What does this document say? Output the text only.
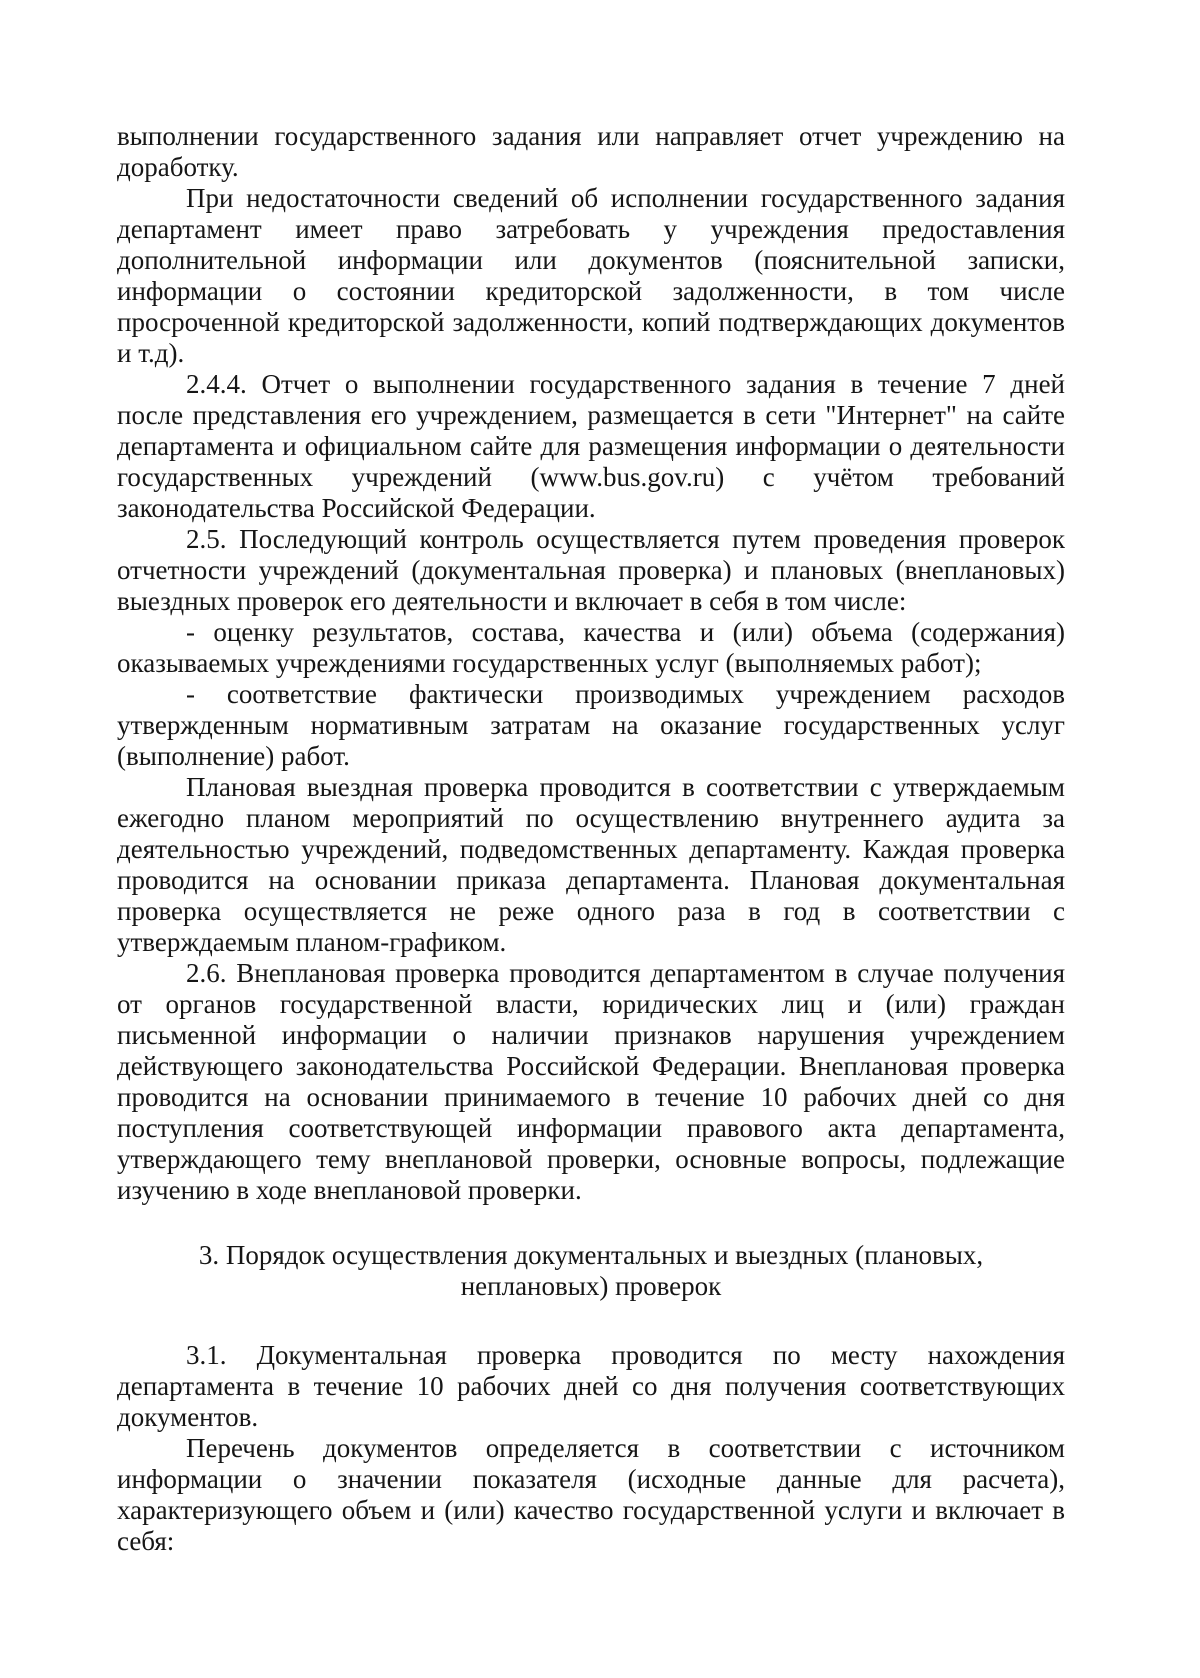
выполнении государственного задания или направляет отчет учреждению на доработку.

При недостаточности сведений об исполнении государственного задания департамент имеет право затребовать у учреждения предоставления дополнительной информации или документов (пояснительной записки, информации о состоянии кредиторской задолженности, в том числе просроченной кредиторской задолженности, копий подтверждающих документов и т.д).

2.4.4. Отчет о выполнении государственного задания в течение 7 дней после представления его учреждением, размещается в сети "Интернет" на сайте департамента и официальном сайте для размещения информации о деятельности государственных учреждений (www.bus.gov.ru) с учётом требований законодательства Российской Федерации.

2.5. Последующий контроль осуществляется путем проведения проверок отчетности учреждений (документальная проверка) и плановых (внеплановых) выездных проверок его деятельности и включает в себя в том числе:

- оценку результатов, состава, качества и (или) объема (содержания) оказываемых учреждениями государственных услуг (выполняемых работ);

- соответствие фактически производимых учреждением расходов утвержденным нормативным затратам на оказание государственных услуг (выполнение) работ.

Плановая выездная проверка проводится в соответствии с утверждаемым ежегодно планом мероприятий по осуществлению внутреннего аудита за деятельностью учреждений, подведомственных департаменту. Каждая проверка проводится на основании приказа департамента. Плановая документальная проверка осуществляется не реже одного раза в год в соответствии с утверждаемым планом-графиком.

2.6. Внеплановая проверка проводится департаментом в случае получения от органов государственной власти, юридических лиц и (или) граждан письменной информации о наличии признаков нарушения учреждением действующего законодательства Российской Федерации. Внеплановая проверка проводится на основании принимаемого в течение 10 рабочих дней со дня поступления соответствующей информации правового акта департамента, утверждающего тему внеплановой проверки, основные вопросы, подлежащие изучению в ходе внеплановой проверки.

3. Порядок осуществления документальных и выездных (плановых,
неплановых) проверок

3.1. Документальная проверка проводится по месту нахождения департамента в течение 10 рабочих дней со дня получения соответствующих документов.

Перечень документов определяется в соответствии с источником информации о значении показателя (исходные данные для расчета), характеризующего объем и (или) качество государственной услуги и включает в себя:
